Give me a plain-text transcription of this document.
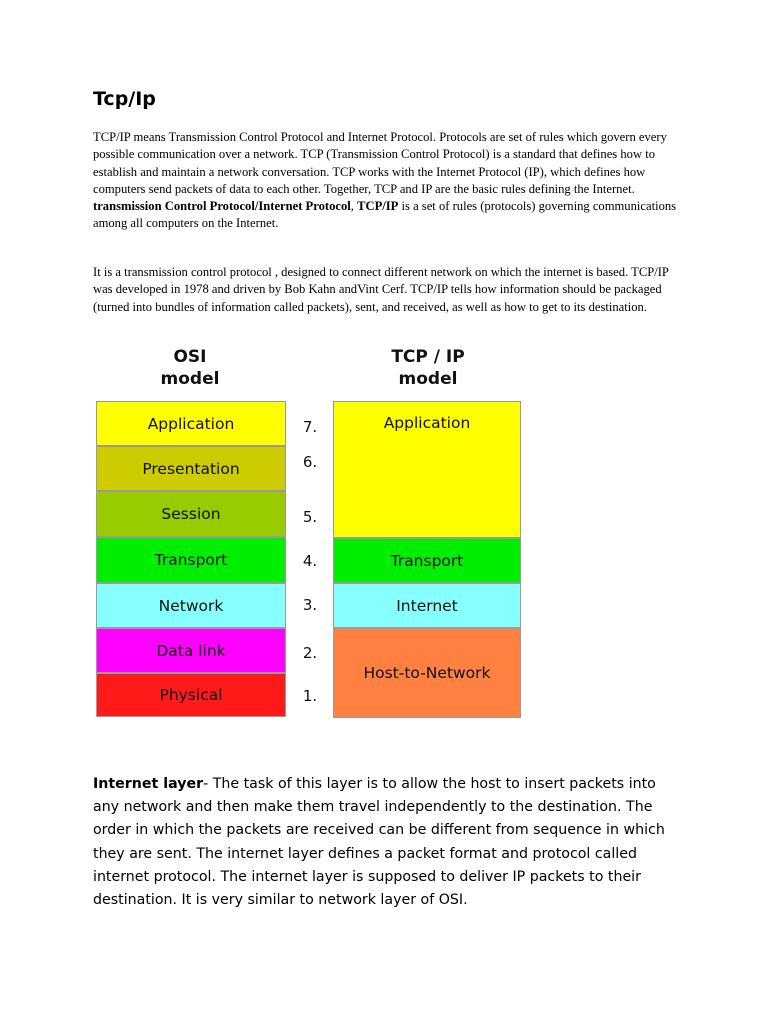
Tcp/Ip

TCP/IP means Transmission Control Protocol and Internet Protocol. Protocols are set of rules which govern every possible communication over a network. TCP (Transmission Control Protocol) is a standard that defines how to establish and maintain a network conversation. TCP works with the Internet Protocol (IP), which defines how computers send packets of data to each other. Together, TCP and IP are the basic rules defining the Internet. transmission Control Protocol/Internet Protocol, TCP/IP is a set of rules (protocols) governing communications among all computers on the Internet.

It is a transmission control protocol , designed to connect different network on which the internet is based. TCP/IP was developed in 1978 and driven by Bob Kahn andVint Cerf. TCP/IP tells how information should be packaged (turned into bundles of information called packets), sent, and received, as well as how to get to its destination.

OSI
model
TCP / IP
model
Application
Presentation
Session
Transport
Network
Data link
Physical
7.
6.
5.
4.
3.
2.
1.
Application
Transport
Internet
Host-to-Network

Internet layer- The task of this layer is to allow the host to insert packets into any network and then make them travel independently to the destination. The order in which the packets are received can be different from sequence in which they are sent. The internet layer defines a packet format and protocol called internet protocol. The internet layer is supposed to deliver IP packets to their destination. It is very similar to network layer of OSI.
